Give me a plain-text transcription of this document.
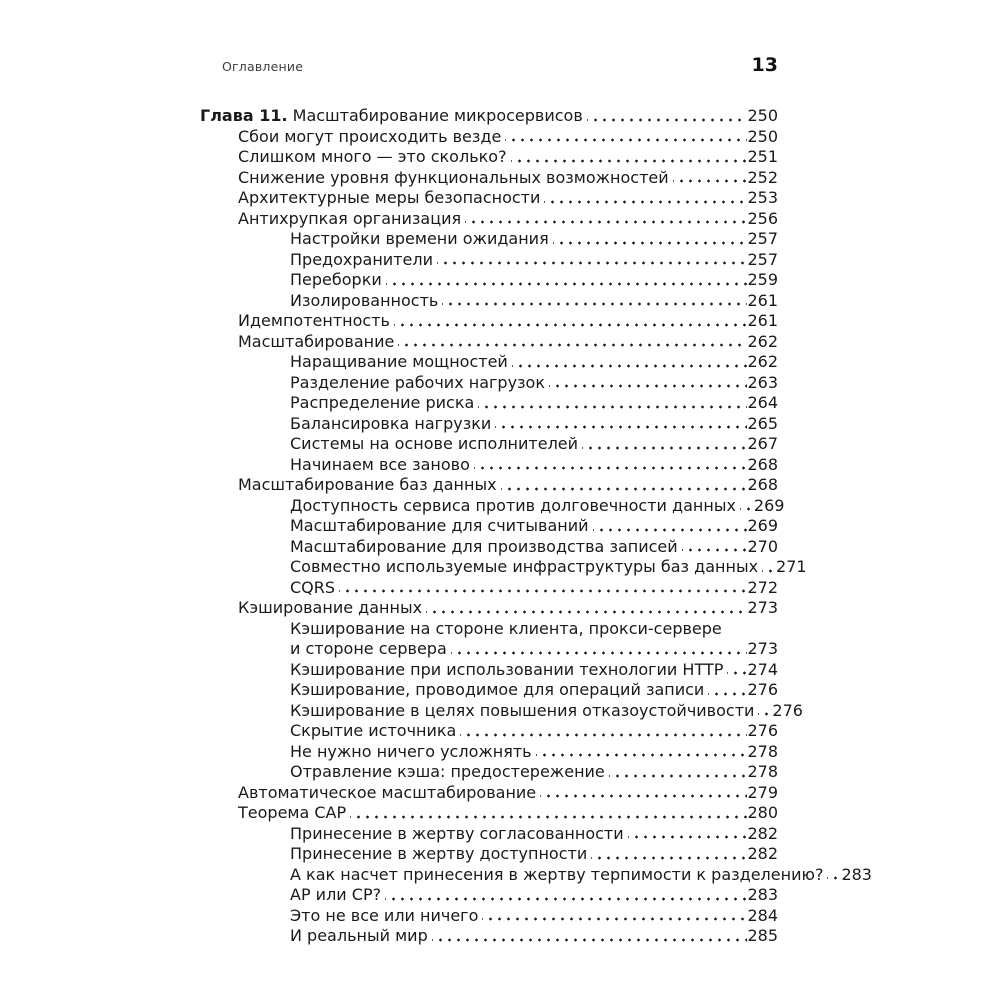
Оглавление	13
Глава 11. Масштабирование микросервисов	250
Сбои могут происходить везде	250
Слишком много — это сколько?	251
Снижение уровня функциональных возможностей	252
Архитектурные меры безопасности	253
Антихрупкая организация	256
Настройки времени ожидания	257
Предохранители	257
Переборки	259
Изолированность	261
Идемпотентность	261
Масштабирование	262
Наращивание мощностей	262
Разделение рабочих нагрузок	263
Распределение риска	264
Балансировка нагрузки	265
Системы на основе исполнителей	267
Начинаем все заново	268
Масштабирование баз данных	268
Доступность сервиса против долговечности данных 269
Масштабирование для считываний	269
Масштабирование для производства записей	270
Совместно используемые инфраструктуры баз данных 271
CQRS	272
Кэширование данных	273
Кэширование на стороне клиента, прокси-сервере
и стороне сервера	273
Кэширование при использовании технологии HTTP 274
Кэширование, проводимое для операций записи	276
Кэширование в целях повышения отказоустойчивости 276
Скрытие источника	276
Не нужно ничего усложнять	278
Отравление кэша: предостережение	278
Автоматическое масштабирование	279
Теорема CAP	280
Принесение в жертву согласованности	282
Принесение в жертву доступности	282
А как насчет принесения в жертву терпимости к разделению? 283
AP или CP?	283
Это не все или ничего	284
И реальный мир	285
